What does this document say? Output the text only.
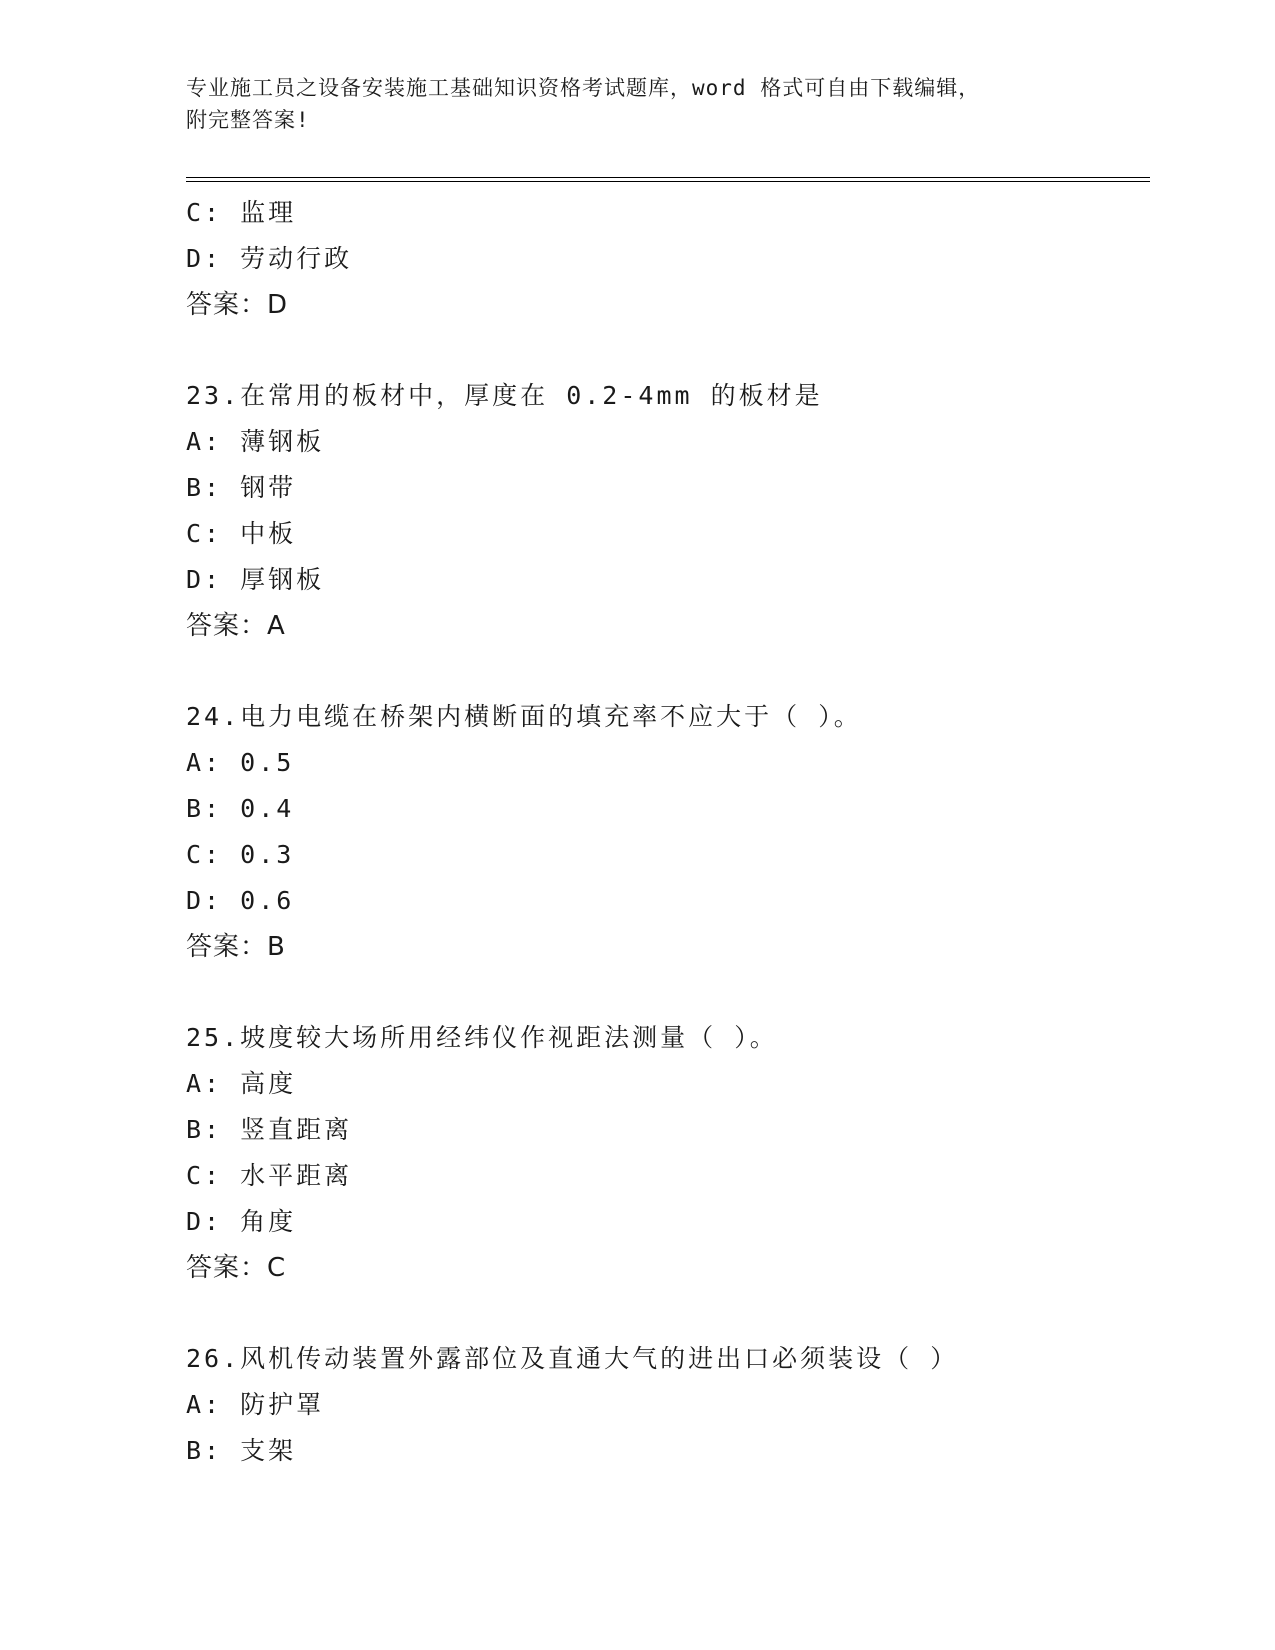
专业施工员之设备安装施工基础知识资格考试题库，word 格式可自由下载编辑，
附完整答案!
C: 监理
D: 劳动行政
答案：D
23.在常用的板材中，厚度在 0.2-4mm 的板材是
A: 薄钢板
B: 钢带
C: 中板
D: 厚钢板
答案：A
24.电力电缆在桥架内横断面的填充率不应大于（ ）。
A: 0.5
B: 0.4
C: 0.3
D: 0.6
答案：B
25.坡度较大场所用经纬仪作视距法测量（ ）。
A: 高度
B: 竖直距离
C: 水平距离
D: 角度
答案：C
26.风机传动装置外露部位及直通大气的进出口必须装设（ ）
A: 防护罩
B: 支架
